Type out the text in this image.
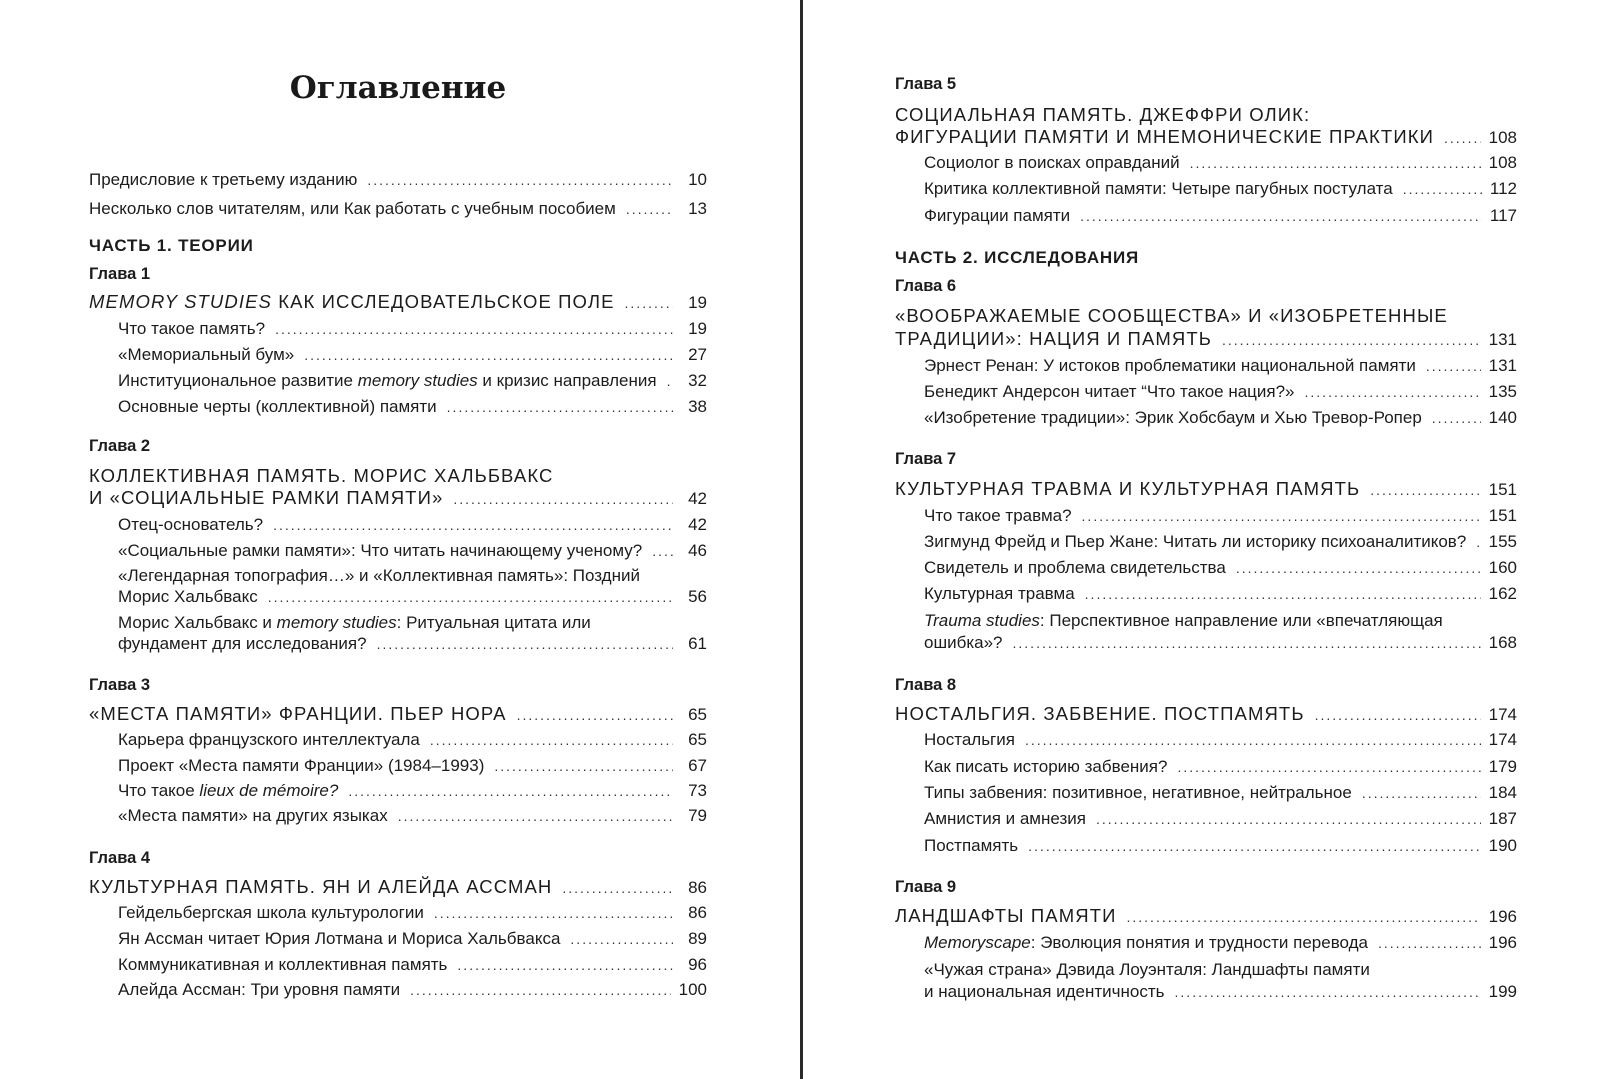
Оглавление
Предисловие к третьему изданию .....	10
Несколько слов читателям, или Как работать с учебным пособием .....	13
ЧАСТЬ 1. ТЕОРИИ
Глава 1
MEMORY STUDIES КАК ИССЛЕДОВАТЕЛЬСКОЕ ПОЛЕ .....	19
Что такое память? .....	19
«Мемориальный бум» .....	27
Институциональное развитие memory studies и кризис направления .....	32
Основные черты (коллективной) памяти .....	38
Глава 2
КОЛЛЕКТИВНАЯ ПАМЯТЬ. МОРИС ХАЛЬБВАКС
И «СОЦИАЛЬНЫЕ РАМКИ ПАМЯТИ» .....	42
Отец-основатель? .....	42
«Социальные рамки памяти»: Что читать начинающему ученому? .....	46
«Легендарная топография…» и «Коллективная память»: Поздний
Морис Хальбвакс .....	56
Морис Хальбвакс и memory studies: Ритуальная цитата или
фундамент для исследования? .....	61
Глава 3
«МЕСТА ПАМЯТИ» ФРАНЦИИ. ПЬЕР НОРА .....	65
Карьера французского интеллектуала .....	65
Проект «Места памяти Франции» (1984–1993) .....	67
Что такое lieux de mémoire? .....	73
«Места памяти» на других языках .....	79
Глава 4
КУЛЬТУРНАЯ ПАМЯТЬ. ЯН И АЛЕЙДА АССМАН .....	86
Гейдельбергская школа культурологии .....	86
Ян Ассман читает Юрия Лотмана и Мориса Хальбвакса .....	89
Коммуникативная и коллективная память .....	96
Алейда Ассман: Три уровня памяти .....	100
Глава 5
СОЦИАЛЬНАЯ ПАМЯТЬ. ДЖЕФФРИ ОЛИК:
ФИГУРАЦИИ ПАМЯТИ И МНЕМОНИЧЕСКИЕ ПРАКТИКИ .....	108
Социолог в поисках оправданий .....	108
Критика коллективной памяти: Четыре пагубных постулата .....	112
Фигурации памяти .....	117
ЧАСТЬ 2. ИССЛЕДОВАНИЯ
Глава 6
«ВООБРАЖАЕМЫЕ СООБЩЕСТВА» И «ИЗОБРЕТЕННЫЕ
ТРАДИЦИИ»: НАЦИЯ И ПАМЯТЬ .....	131
Эрнест Ренан: У истоков проблематики национальной памяти .....	131
Бенедикт Андерсон читает “Что такое нация?» .....	135
«Изобретение традиции»: Эрик Хобсбаум и Хью Тревор-Ропер .....	140
Глава 7
КУЛЬТУРНАЯ ТРАВМА И КУЛЬТУРНАЯ ПАМЯТЬ .....	151
Что такое травма? .....	151
Зигмунд Фрейд и Пьер Жане: Читать ли историку психоаналитиков? ..... 155
Свидетель и проблема свидетельства .....	160
Культурная травма .....	162
Trauma studies: Перспективное направление или «впечатляющая
ошибка»? .....	168
Глава 8
НОСТАЛЬГИЯ. ЗАБВЕНИЕ. ПОСТПАМЯТЬ .....	174
Ностальгия .....	174
Как писать историю забвения? .....	179
Типы забвения: позитивное, негативное, нейтральное .....	184
Амнистия и амнезия .....	187
Постпамять .....	190
Глава 9
ЛАНДШАФТЫ ПАМЯТИ .....	196
Memoryscape: Эволюция понятия и трудности перевода .....	196
«Чужая страна» Дэвида Лоуэнталя: Ландшафты памяти
и национальная идентичность .....	199
